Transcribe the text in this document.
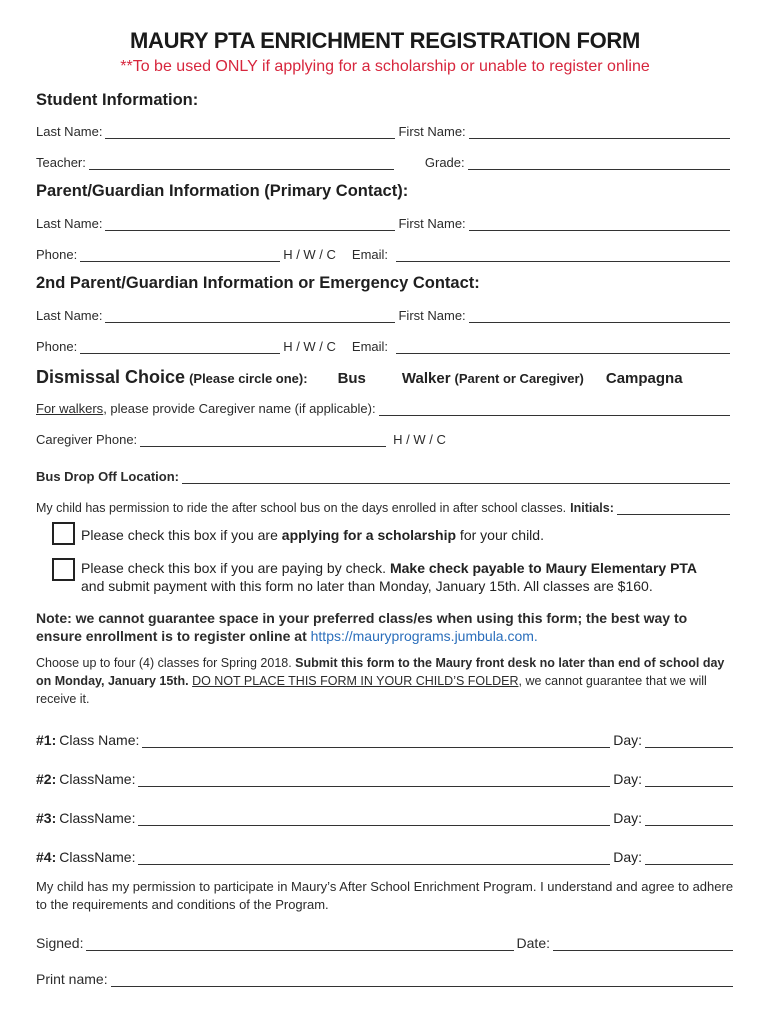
MAURY PTA ENRICHMENT REGISTRATION FORM
**To be used ONLY if applying for a scholarship or unable to register online
Student Information:
Last Name:	First Name:
Teacher:	Grade:
Parent/Guardian Information (Primary Contact):
Last Name:	First Name:
Phone:	H / W / C Email:
2nd Parent/Guardian Information or Emergency Contact:
Last Name:	First Name:
Phone:	H / W / C Email:
Dismissal Choice (Please circle one): Bus Walker (Parent or Caregiver) Campagna
For walkers , please provide Caregiver name (if applicable):
Caregiver Phone:	H / W / C
Bus Drop Off Location:
My child has permission to ride the after school bus on the days enrolled in after school classes. Initials:
Please check this box if you are applying for a scholarship for your child.
Please check this box if you are paying by check. Make check payable to Maury Elementary PTA
and submit payment with this form no later than Monday, January 15th. All classes are $160.
Note: we cannot guarantee space in your preferred class/es when using this form; the best way to ensure enrollment is to register online at https://mauryprograms.jumbula.com.
Choose up to four (4) classes for Spring 2018. Submit this form to the Maury front desk no later than end of school day on Monday, January 15th. DO NOT PLACE THIS FORM IN YOUR CHILD’S FOLDER, we cannot guarantee that we will receive it.
#1: Class Name:	Day:
#2: ClassName:	Day:
#3: ClassName:	Day:
#4: ClassName:	Day:
My child has my permission to participate in Maury’s After School Enrichment Program. I understand and agree to adhere to the requirements and conditions of the Program.
Signed:	Date:
Print name:
